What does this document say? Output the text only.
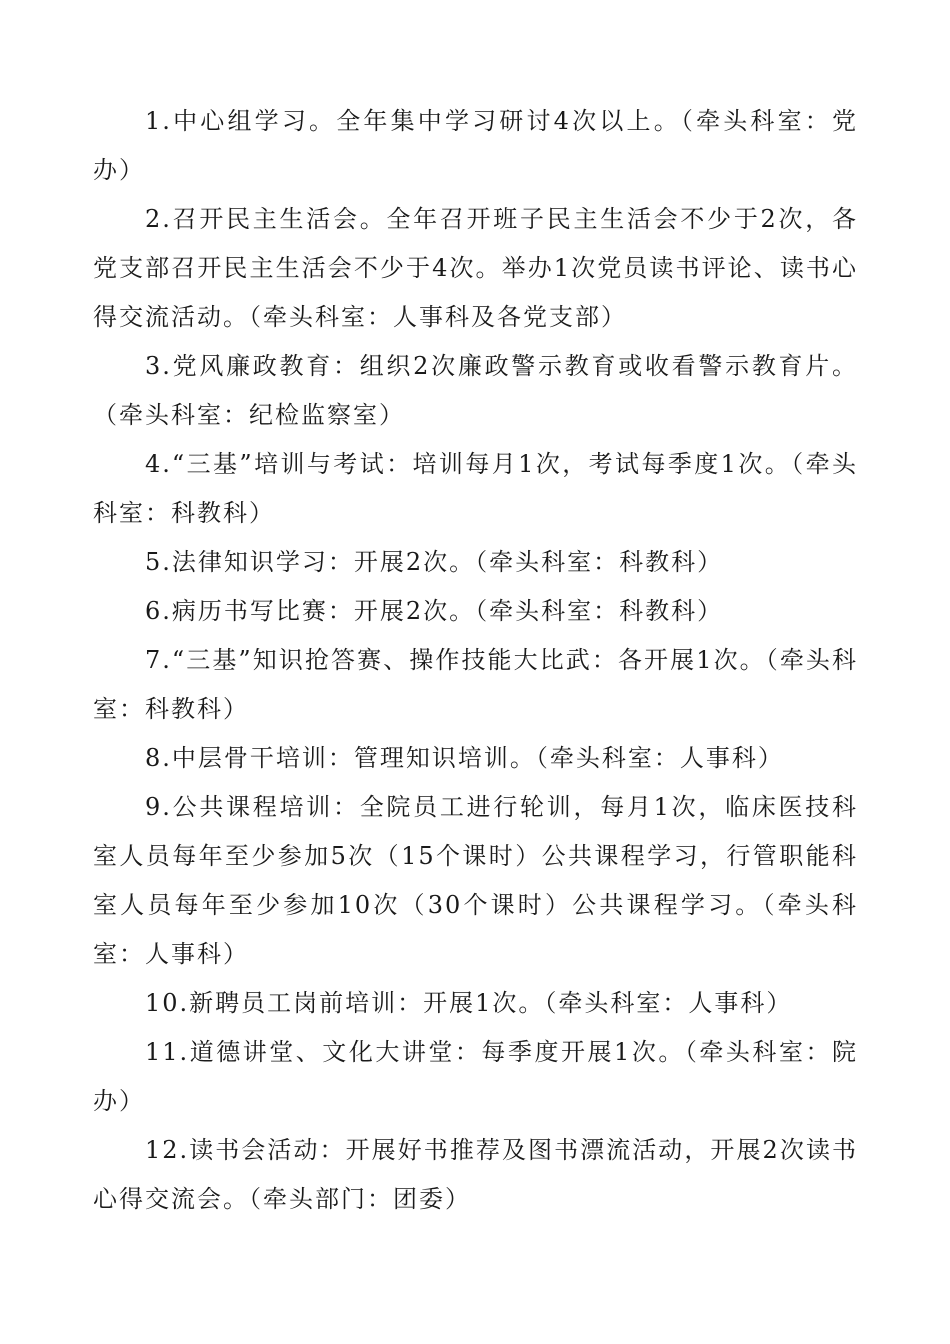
1.中心组学习。全年集中学习研讨4次以上。（牵头科室：党办）

2.召开民主生活会。全年召开班子民主生活会不少于2次，各党支部召开民主生活会不少于4次。举办1次党员读书评论、读书心得交流活动。（牵头科室：人事科及各党支部）

3.党风廉政教育：组织2次廉政警示教育或收看警示教育片。（牵头科室：纪检监察室）

4.“三基”培训与考试：培训每月1次，考试每季度1次。（牵头科室：科教科）

5.法律知识学习：开展2次。（牵头科室：科教科）

6.病历书写比赛：开展2次。（牵头科室：科教科）

7.“三基”知识抢答赛、操作技能大比武：各开展1次。（牵头科室：科教科）

8.中层骨干培训：管理知识培训。（牵头科室：人事科）

9.公共课程培训：全院员工进行轮训，每月1次，临床医技科室人员每年至少参加5次（15个课时）公共课程学习，行管职能科室人员每年至少参加10次（30个课时）公共课程学习。（牵头科室：人事科）

10.新聘员工岗前培训：开展1次。（牵头科室：人事科）

11.道德讲堂、文化大讲堂：每季度开展1次。（牵头科室：院办）

12.读书会活动：开展好书推荐及图书漂流活动，开展2次读书心得交流会。（牵头部门：团委）
